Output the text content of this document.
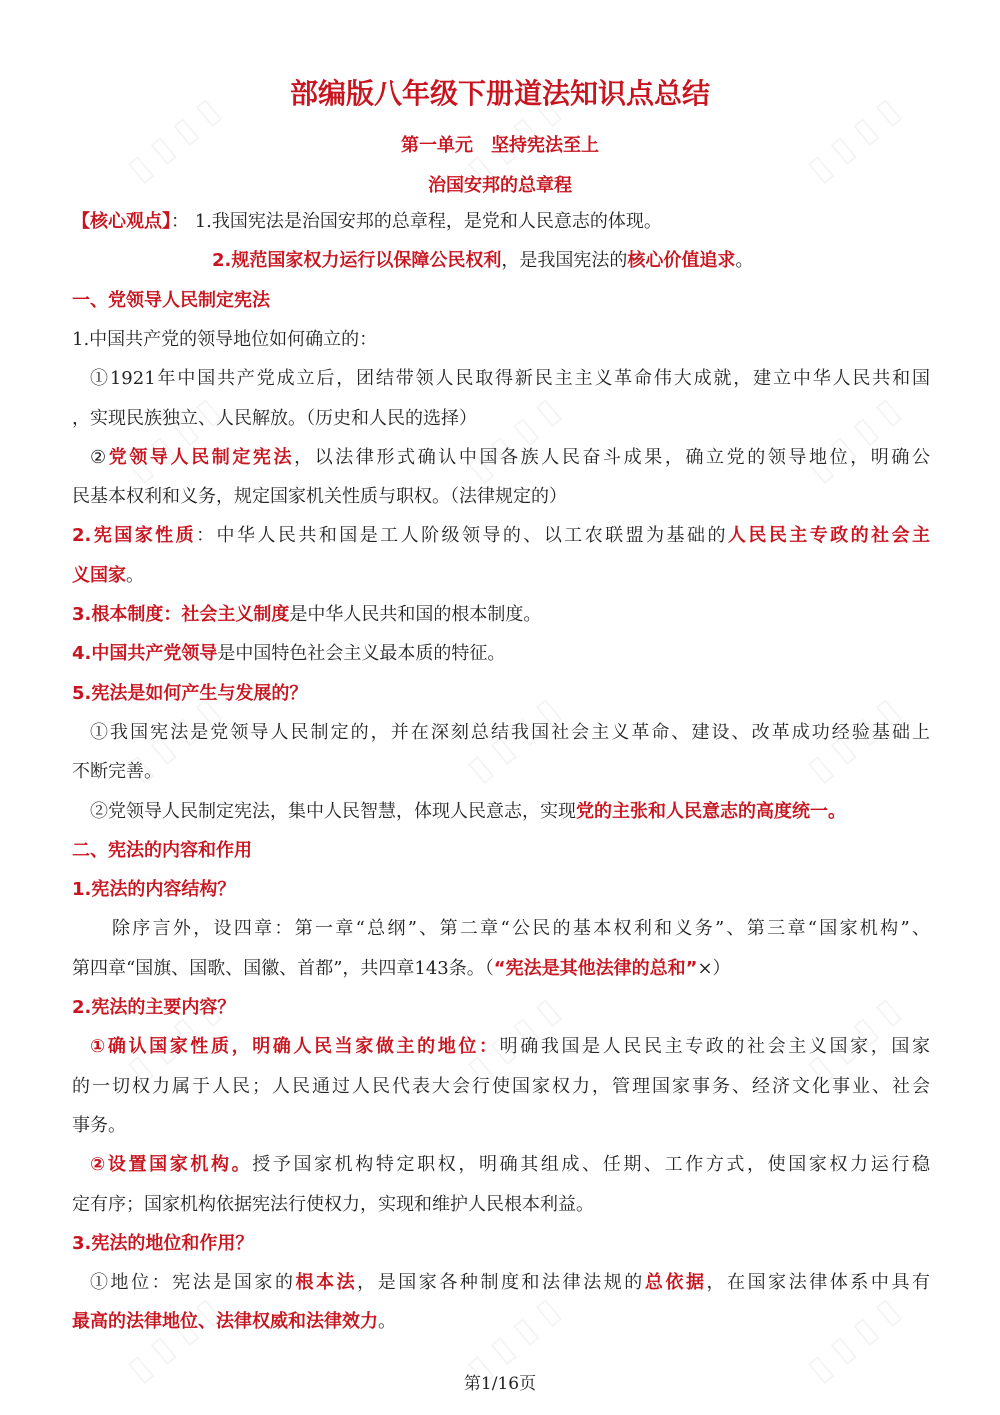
部编版八年级下册道法知识点总结
第一单元　坚持宪法至上
治国安邦的总章程
【核心观点】： 1.我国宪法是治国安邦的总章程，是党和人民意志的体现。
2.规范国家权力运行以保障公民权利，是我国宪法的核心价值追求。
一、党领导人民制定宪法
1.中国共产党的领导地位如何确立的：
①1921年中国共产党成立后，团结带领人民取得新民主主义革命伟大成就，建立中华人民共和国
，实现民族独立、人民解放。（历史和人民的选择）
②党领导人民制定宪法，以法律形式确认中国各族人民奋斗成果，确立党的领导地位，明确公
民基本权利和义务，规定国家机关性质与职权。（法律规定的）
2.宪国家性质：中华人民共和国是工人阶级领导的、以工农联盟为基础的人民民主专政的社会主
义国家。
3.根本制度：社会主义制度是中华人民共和国的根本制度。
4.中国共产党领导是中国特色社会主义最本质的特征。
5.宪法是如何产生与发展的？
①我国宪法是党领导人民制定的，并在深刻总结我国社会主义革命、建设、改革成功经验基础上
不断完善。
②党领导人民制定宪法，集中人民智慧，体现人民意志，实现党的主张和人民意志的高度统一。
二、宪法的内容和作用
1.宪法的内容结构？
除序言外，设四章：第一章“总纲”、第二章“公民的基本权利和义务”、第三章“国家机构”、
第四章“国旗、国歌、国徽、首都”，共四章143条。（“宪法是其他法律的总和”×）
2.宪法的主要内容？
①确认国家性质，明确人民当家做主的地位：明确我国是人民民主专政的社会主义国家，国家
的一切权力属于人民；人民通过人民代表大会行使国家权力，管理国家事务、经济文化事业、社会
事务。
②设置国家机构。授予国家机构特定职权，明确其组成、任期、工作方式，使国家权力运行稳
定有序；国家机构依据宪法行使权力，实现和维护人民根本利益。
3.宪法的地位和作用？
①地位：宪法是国家的根本法，是国家各种制度和法律法规的总依据，在国家法律体系中具有
最高的法律地位、法律权威和法律效力。
第1/16页
